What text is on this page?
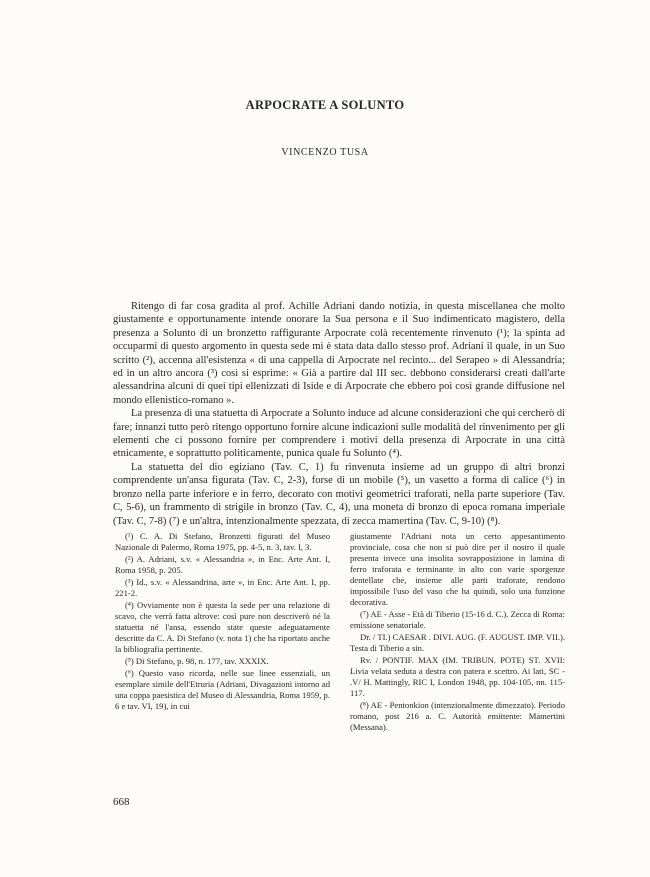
ARPOCRATE A SOLUNTO
VINCENZO TUSA

Ritengo di far cosa gradita al prof. Achille Adriani dando notizia, in questa miscellanea che molto giustamente e opportunamente intende onorare la Sua persona e il Suo indimenticato magistero, della presenza a Solunto di un bronzetto raffigurante Arpocrate colà recentemente rinvenuto (¹); la spinta ad occuparmi di questo argomento in questa sede mi è stata data dallo stesso prof. Adriani il quale, in un Suo scritto (²), accenna all'esistenza « di una cappella di Arpocrate nel recinto... del Serapeo » di Alessandria; ed in un altro ancora (³) così si esprime: « Già a partire dal III sec. debbono considerarsi creati dall'arte alessandrina alcuni di quei tipi ellenizzati di Iside e di Arpocrate che ebbero poi così grande diffusione nel mondo ellenistico-romano ».

La presenza di una statuetta di Arpocrate a Solunto induce ad alcune considerazioni che qui cercherò di fare; innanzi tutto però ritengo opportuno fornire alcune indicazioni sulle modalità del rinvenimento per gli elementi che ci possono fornire per comprendere i motivi della presenza di Arpocrate in una città etnicamente, e soprattutto politicamente, punica quale fu Solunto (⁴).

La statuetta del dio egiziano (Tav. C, 1) fu rinvenuta insieme ad un gruppo di altri bronzi comprendente un'ansa figurata (Tav. C, 2-3), forse di un mobile (⁵), un vasetto a forma di calice (⁶) in bronzo nella parte inferiore e in ferro, decorato con motivi geometrici traforati, nella parte superiore (Tav. C, 5-6), un frammento di strigile in bronzo (Tav. C, 4), una moneta di bronzo di epoca romana imperiale (Tav. C, 7-8) (⁷) e un'altra, intenzionalmente spezzata, di zecca mamertina (Tav. C, 9-10) (⁸).

(¹) C. A. Di Stefano, Bronzetti figurati del Museo Nazionale di Palermo, Roma 1975, pp. 4-5, n. 3, tav. I, 3.

(²) A. Adriani, s.v. « Alessandria », in Enc. Arte Ant. I, Roma 1958, p. 205.

(³) Id., s.v. « Alessandrina, arte », in Enc. Arte Ant. I, pp. 221-2.

(⁴) Ovviamente non è questa la sede per una relazione di scavo, che verrà fatta altrove: così pure non descriverò né la statuetta né l'ansa, essendo state queste adeguatamente descritte da C. A. Di Stefano (v. nota 1) che ha riportato anche la bibliografia pertinente.

(⁵) Di Stefano, p. 98, n. 177, tav. XXXIX.

(⁶) Questo vaso ricorda, nelle sue linee essenziali, un esemplare simile dell'Etruria (Adriani, Divagazioni intorno ad una coppa paesistica del Museo di Alessandria, Roma 1959, p. 6 e tav. VI, 19), in cui

giustamente l'Adriani nota un certo appesantimento provinciale, cosa che non si può dire per il nostro il quale presenta invece una insolita sovrapposizione in lamina di ferro traforata e terminante in alto con varie sporgenze dentellate che, insieme alle parti traforate, rendono impossibile l'uso del vaso che ha quindi, solo una funzione decorativa.

(⁷) AE - Asse - Età di Tiberio (15-16 d. C.). Zecca di Roma: emissione senatoriale.

Dr. / TI.) CAESAR . DIVI. AUG. (F. AUGUST. IMP. VII.). Testa di Tiberio a sin.

Rv. / PONTIF. MAX (IM. TRIBUN. POTE) ST. XVII: Livia velata seduta a destra con patera e scettro. Ai lati, SC - .V/ H. Mattingly, RIC I, London 1948, pp. 104-105, nn. 115-117.

(⁸) AE - Pentonkion (intenzionalmente dimezzato). Periodo romano, post 216 a. C. Autorità emittente: Mamertini (Messana).

668
